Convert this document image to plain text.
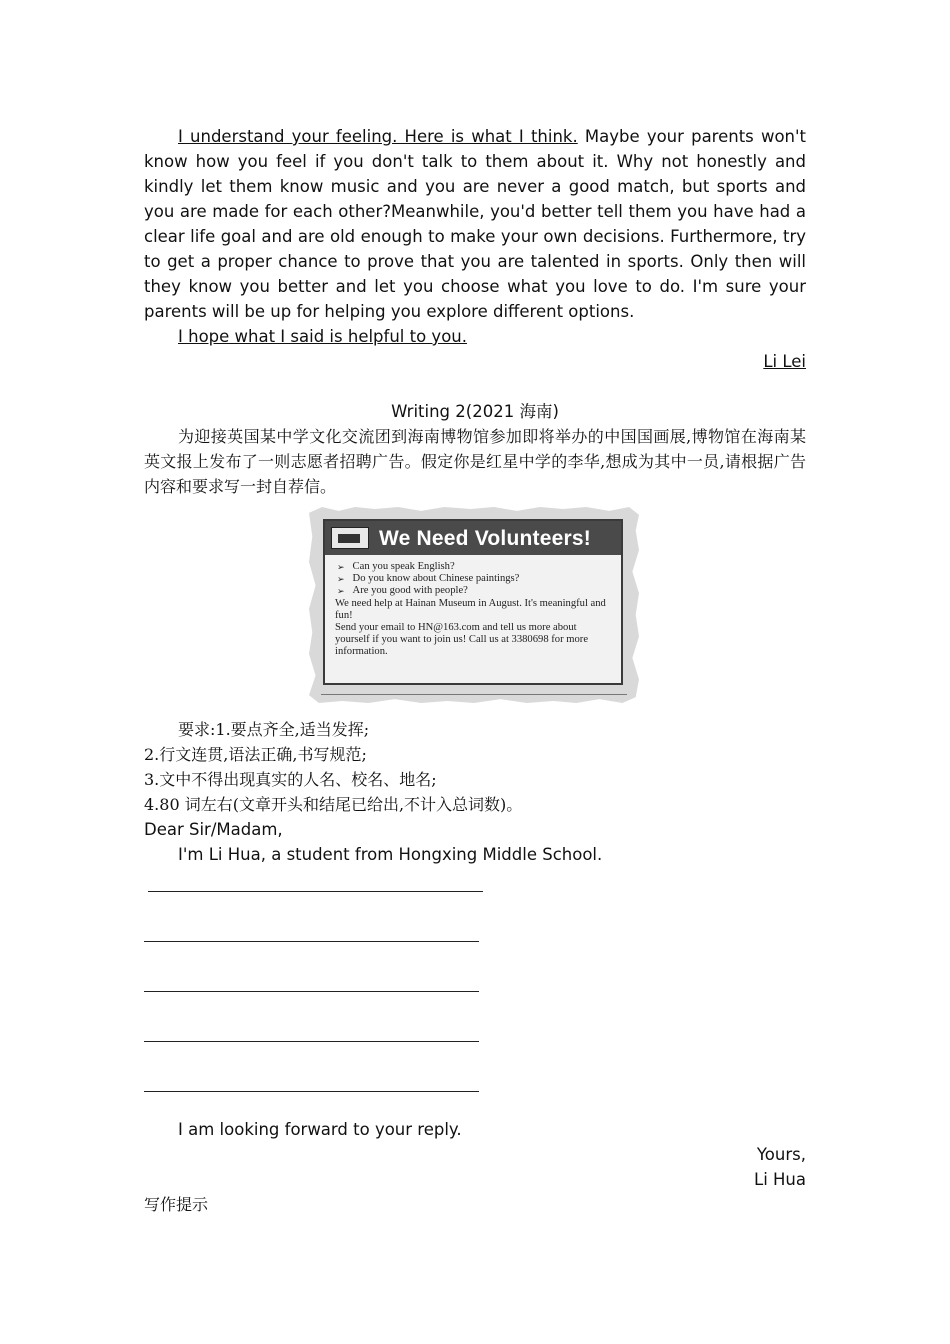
I understand your feeling. Here is what I think. Maybe your parents won't know how you feel if you don't talk to them about it. Why not honestly and kindly let them know music and you are never a good match, but sports and you are made for each other?Meanwhile, you'd better tell them you have had a clear life goal and are old enough to make your own decisions. Furthermore, try to get a proper chance to prove that you are talented in sports. Only then will they know you better and let you choose what you love to do. I'm sure your parents will be up for helping you explore different options.

I hope what I said is helpful to you.

Li Lei

Writing 2(2021 海南)

为迎接英国某中学文化交流团到海南博物馆参加即将举办的中国国画展,博物馆在海南某英文报上发布了一则志愿者招聘广告。假定你是红星中学的李华,想成为其中一员,请根据广告内容和要求写一封自荐信。

We Need Volunteers!
➢ Can you speak English?
➢ Do you know about Chinese paintings?
➢ Are you good with people?
We need help at Hainan Museum in August. It's meaningful and fun!
Send your email to HN@163.com and tell us more about yourself if you want to join us! Call us at 3380698 for more information.

要求:1.要点齐全,适当发挥;

2.行文连贯,语法正确,书写规范;

3.文中不得出现真实的人名、校名、地名;

4.80 词左右(文章开头和结尾已给出,不计入总词数)。

Dear Sir/Madam,

I'm Li Hua, a student from Hongxing Middle School.

I am looking forward to your reply.

Yours,

Li Hua

写作提示
